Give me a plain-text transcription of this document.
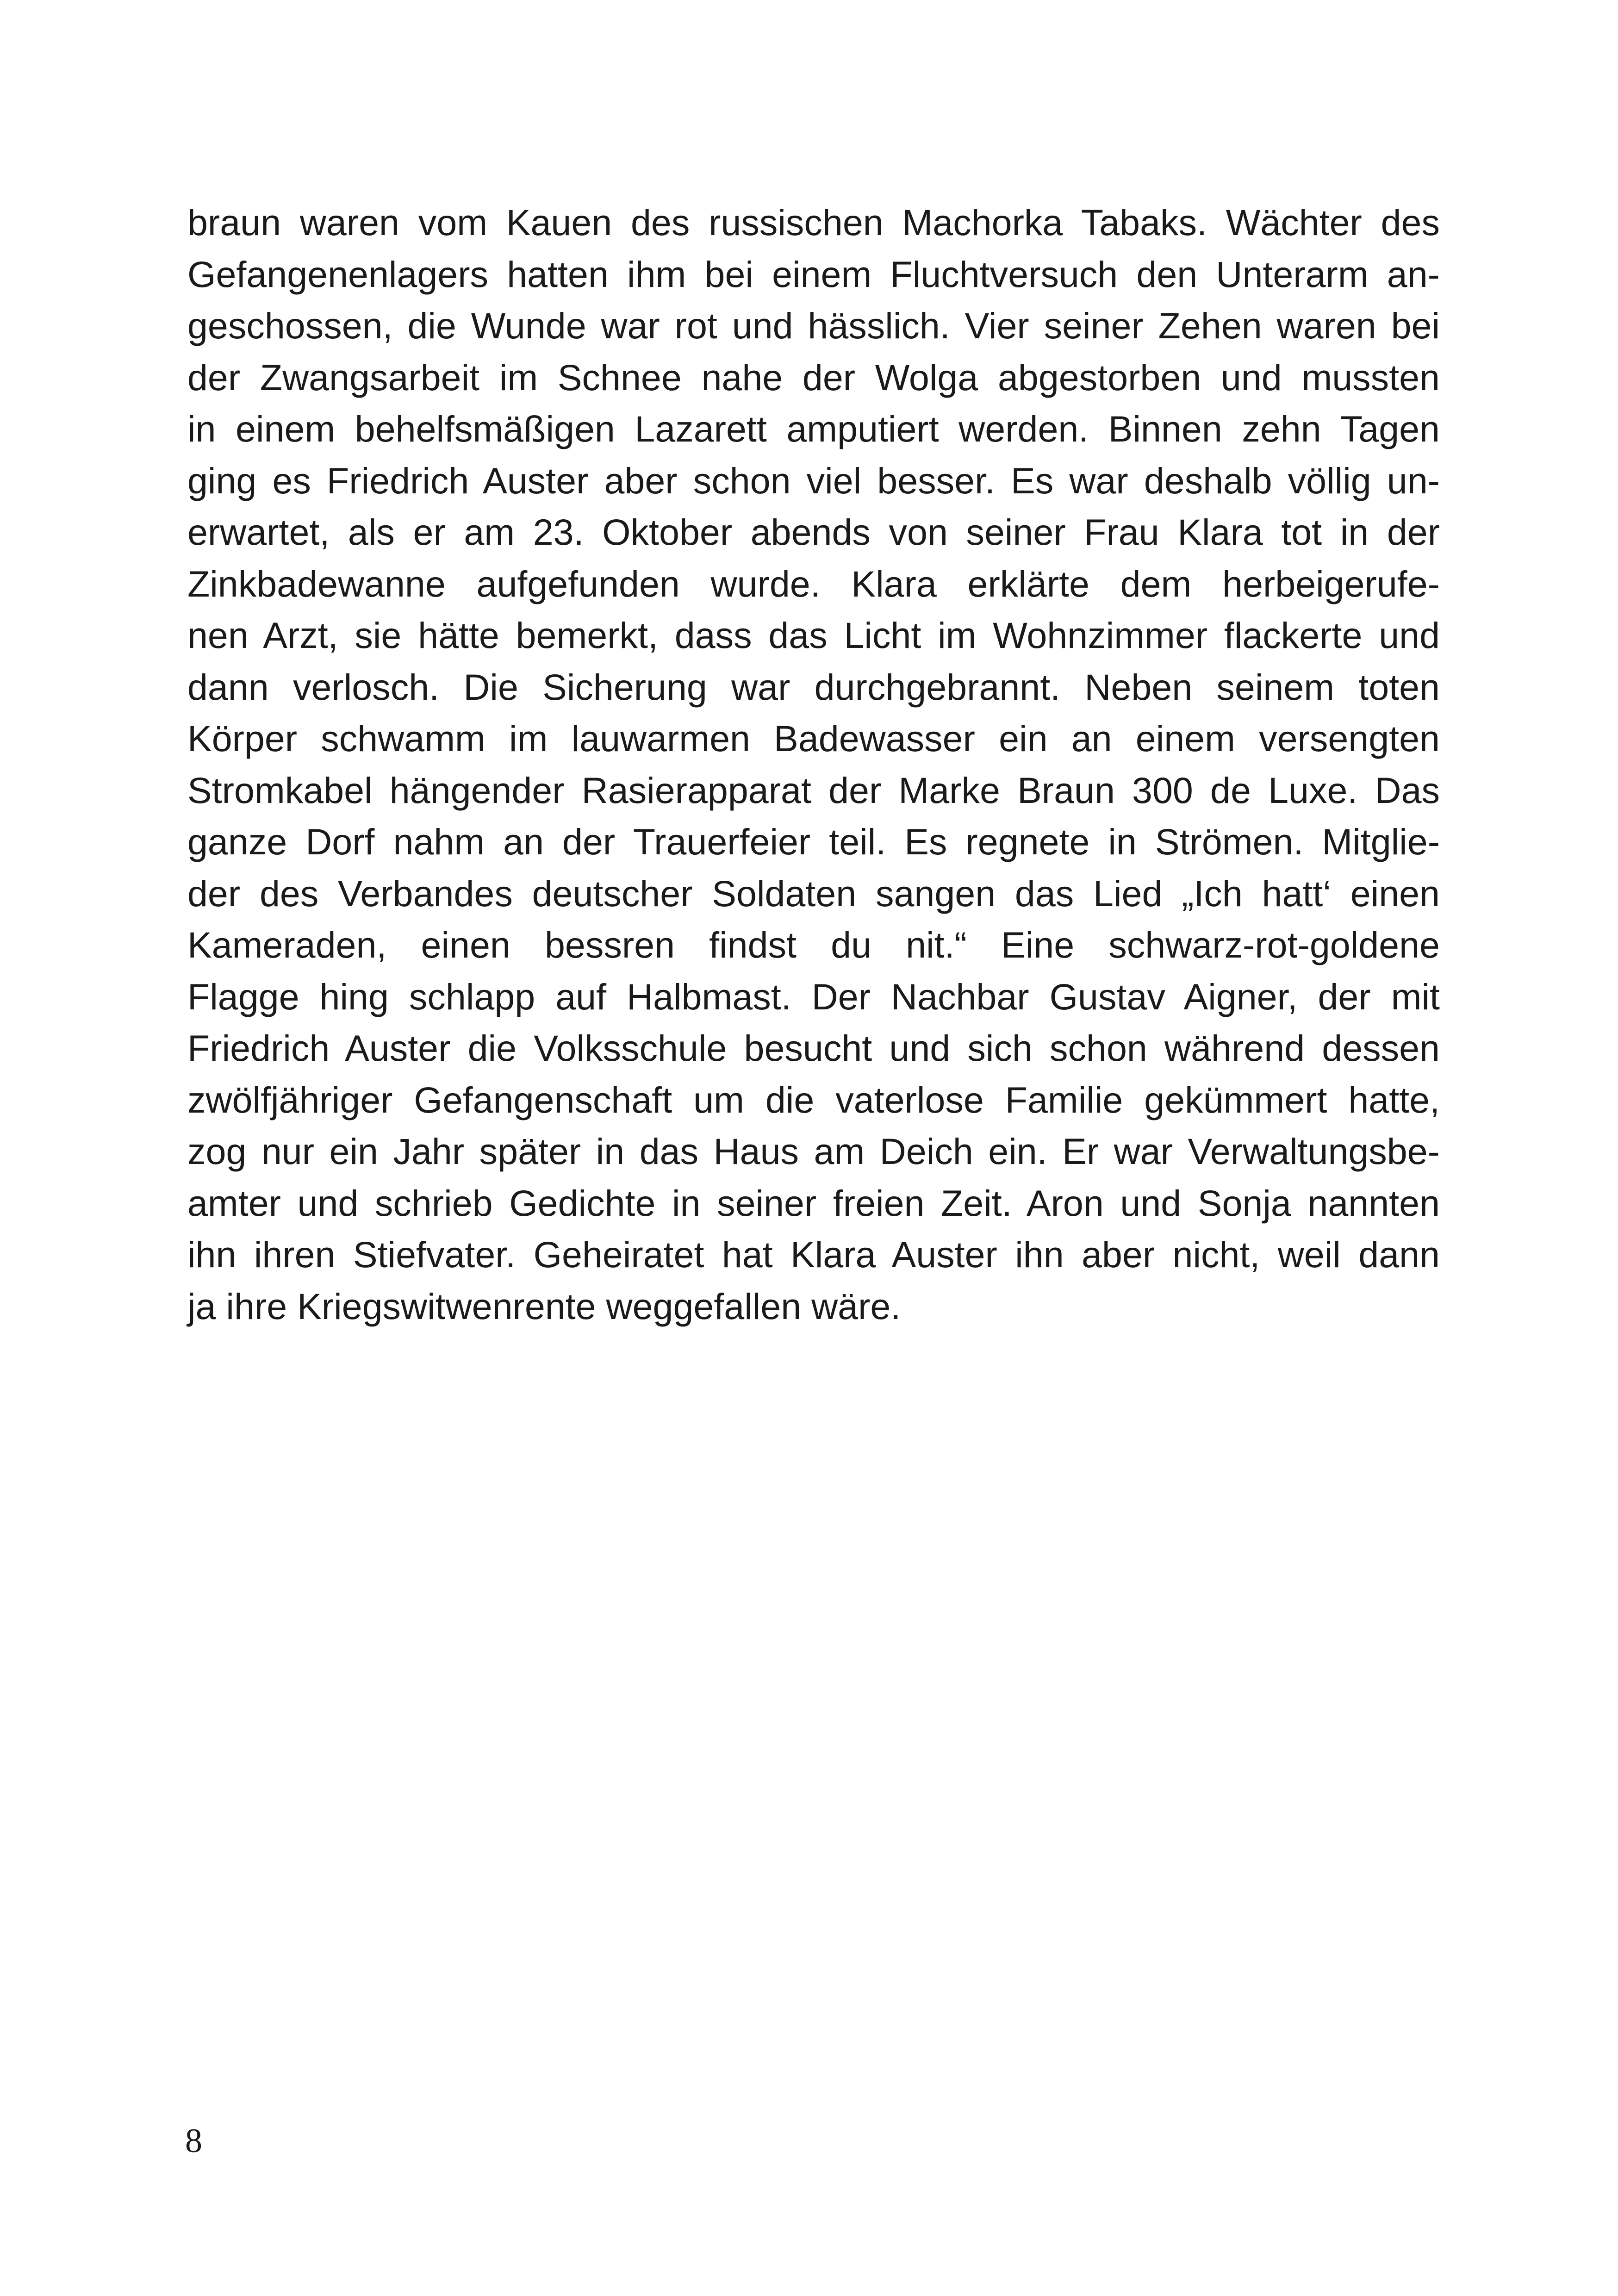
braun waren vom Kauen des russischen Machorka Tabaks. Wächter des
Gefangenenlagers hatten ihm bei einem Fluchtversuch den Unterarm an-
geschossen, die Wunde war rot und hässlich. Vier seiner Zehen waren bei
der Zwangsarbeit im Schnee nahe der Wolga abgestorben und mussten
in einem behelfsmäßigen Lazarett amputiert werden. Binnen zehn Tagen
ging es Friedrich Auster aber schon viel besser. Es war deshalb völlig un-
erwartet, als er am 23. Oktober abends von seiner Frau Klara tot in der
Zinkbadewanne aufgefunden wurde. Klara erklärte dem herbeigerufe-
nen Arzt, sie hätte bemerkt, dass das Licht im Wohnzimmer flackerte und
dann verlosch. Die Sicherung war durchgebrannt. Neben seinem toten
Körper schwamm im lauwarmen Badewasser ein an einem versengten
Stromkabel hängender Rasierapparat der Marke Braun 300 de Luxe. Das
ganze Dorf nahm an der Trauerfeier teil. Es regnete in Strömen. Mitglie-
der des Verbandes deutscher Soldaten sangen das Lied „Ich hatt‘ einen
Kameraden, einen bessren findst du nit.“ Eine schwarz-rot-goldene
Flagge hing schlapp auf Halbmast. Der Nachbar Gustav Aigner, der mit
Friedrich Auster die Volksschule besucht und sich schon während dessen
zwölfjähriger Gefangenschaft um die vaterlose Familie gekümmert hatte,
zog nur ein Jahr später in das Haus am Deich ein. Er war Verwaltungsbe-
amter und schrieb Gedichte in seiner freien Zeit. Aron und Sonja nannten
ihn ihren Stiefvater. Geheiratet hat Klara Auster ihn aber nicht, weil dann
ja ihre Kriegswitwenrente weggefallen wäre.

8
